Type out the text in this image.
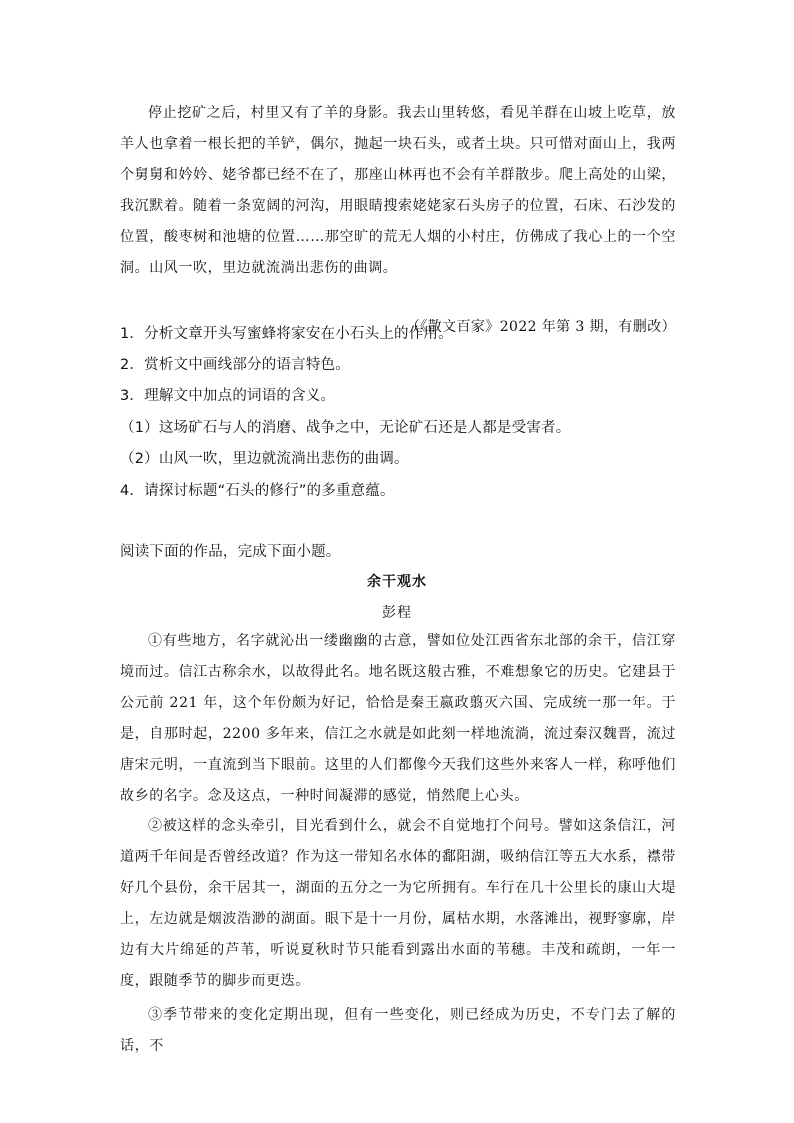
停止挖矿之后，村里又有了羊的身影。我去山里转悠，看见羊群在山坡上吃草，放羊人也拿着一根长把的羊铲，偶尔，抛起一块石头，或者土块。只可惜对面山上，我两个舅舅和妗妗、姥爷都已经不在了，那座山林再也不会有羊群散步。爬上高处的山梁，我沉默着。随着一条宽阔的河沟，用眼睛搜索姥姥家石头房子的位置，石床、石沙发的位置，酸枣树和池塘的位置……那空旷的荒无人烟的小村庄，仿佛成了我心上的一个空洞。山风一吹，里边就流淌出悲伤的曲调。
（《散文百家》2022 年第 3 期，有删改）
1．分析文章开头写蜜蜂将家安在小石头上的作用。
2．赏析文中画线部分的语言特色。
3．理解文中加点的词语的含义。
（1）这场矿石与人的消磨、战争之中，无论矿石还是人都是受害者。
（2）山风一吹，里边就流淌出悲伤的曲调。
4．请探讨标题“石头的修行”的多重意蕴。
阅读下面的作品，完成下面小题。
余干观水
彭程
①有些地方，名字就沁出一缕幽幽的古意，譬如位处江西省东北部的余干，信江穿境而过。信江古称余水，以故得此名。地名既这般古雅，不难想象它的历史。它建县于公元前 221 年，这个年份颇为好记，恰恰是秦王嬴政翦灭六国、完成统一那一年。于是，自那时起，2200 多年来，信江之水就是如此刻一样地流淌，流过秦汉魏晋，流过唐宋元明，一直流到当下眼前。这里的人们都像今天我们这些外来客人一样，称呼他们故乡的名字。念及这点，一种时间凝滞的感觉，悄然爬上心头。
②被这样的念头牵引，目光看到什么，就会不自觉地打个问号。譬如这条信江，河道两千年间是否曾经改道？作为这一带知名水体的鄱阳湖，吸纳信江等五大水系，襟带好几个县份，余干居其一，湖面的五分之一为它所拥有。车行在几十公里长的康山大堤上，左边就是烟波浩渺的湖面。眼下是十一月份，属枯水期，水落滩出，视野寥廓，岸边有大片绵延的芦苇，听说夏秋时节只能看到露出水面的苇穗。丰茂和疏朗，一年一度，跟随季节的脚步而更迭。
③季节带来的变化定期出现，但有一些变化，则已经成为历史，不专门去了解的话，不
